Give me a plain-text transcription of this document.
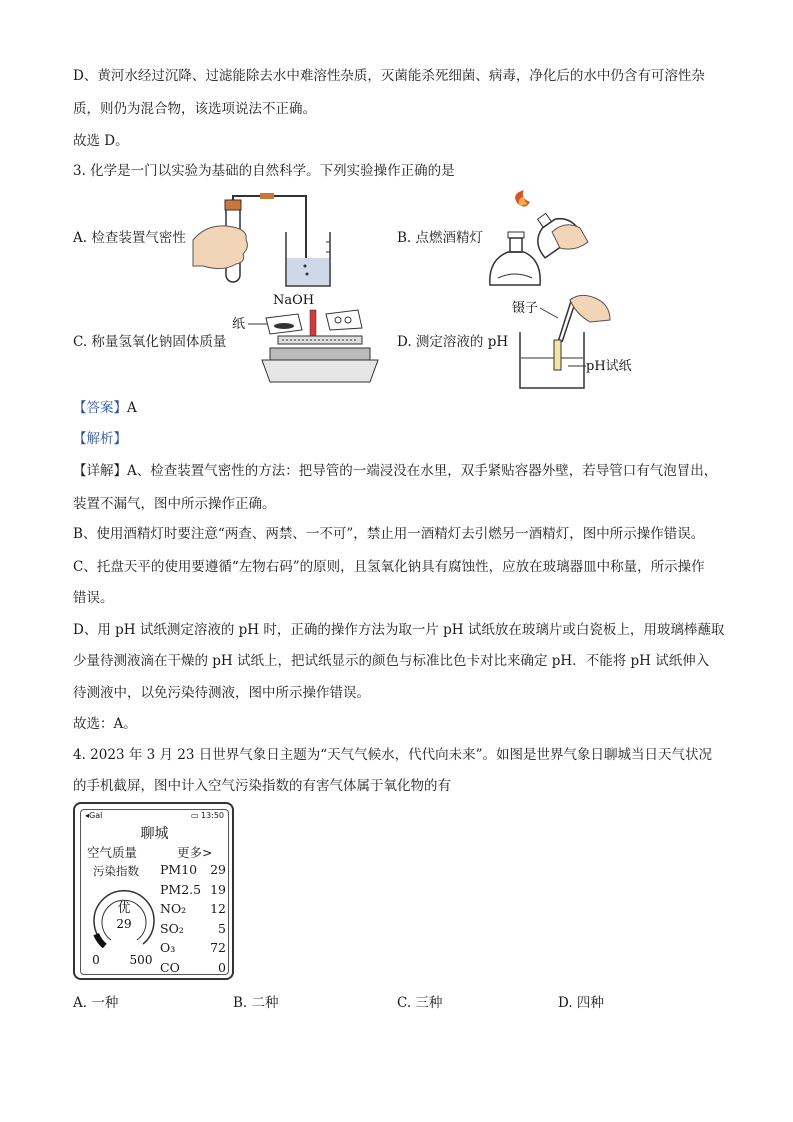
D、黄河水经过沉降、过滤能除去水中难溶性杂质，灭菌能杀死细菌、病毒，净化后的水中仍含有可溶性杂
质，则仍为混合物，该选项说法不正确。
故选 D。
3. 化学是一门以实验为基础的自然科学。下列实验操作正确的是
A. 检查装置气密性	B. 点燃酒精灯
C. 称量氢氧化钠固体质量
NaOH
纸
D. 测定溶液的 pH
镊子
pH试纸
【答案】A
【解析】
【详解】A、检查装置气密性的方法：把导管的一端浸没在水里，双手紧贴容器外壁，若导管口有气泡冒出，
装置不漏气，图中所示操作正确。
B、使用酒精灯时要注意“两查、两禁、一不可”，禁止用一酒精灯去引燃另一酒精灯，图中所示操作错误。
C、托盘天平的使用要遵循“左物右码”的原则，且氢氧化钠具有腐蚀性，应放在玻璃器皿中称量，所示操作
错误。
D、用 pH 试纸测定溶液的 pH 时，正确的操作方法为取一片 pH 试纸放在玻璃片或白瓷板上，用玻璃棒蘸取
少量待测液滴在干燥的 pH 试纸上，把试纸显示的颜色与标准比色卡对比来确定 pH．不能将 pH 试纸伸入
待测液中，以免污染待测液，图中所示操作错误。
故选：A。
4. 2023 年 3 月 23 日世界气象日主题为“天气气候水，代代向未来”。如图是世界气象日聊城当日天气状况
的手机截屏，图中计入空气污染指数的有害气体属于氧化物的有
◂Gal	▭ 13:50
聊城
空气质量	更多>
污染指数
优
29
0 500
PM10 29
PM2.5 19
NO₂ 12
SO₂	5
O₃	72
CO	0
A. 一种	B. 二种	C. 三种	D. 四种
